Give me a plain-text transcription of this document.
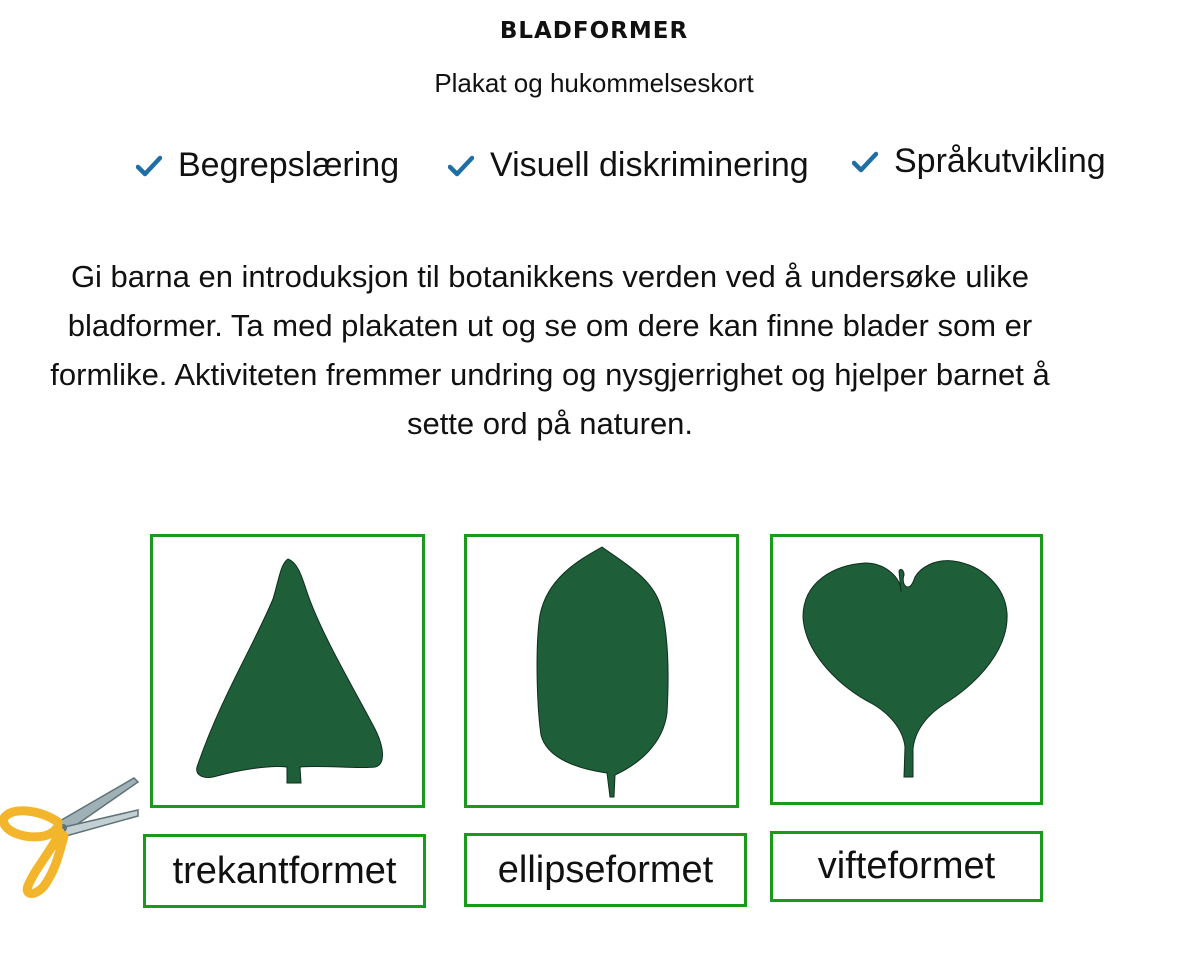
BLADFORMER
Plakat og hukommelseskort
Begrepslæring	Visuell diskriminering	Språkutvikling
Gi barna en introduksjon til botanikkens verden ved å undersøke ulike
bladformer. Ta med plakaten ut og se om dere kan finne blader som er
formlike. Aktiviteten fremmer undring og nysgjerrighet og hjelper barnet å
sette ord på naturen.
trekantformet	ellipseformet	vifteformet
